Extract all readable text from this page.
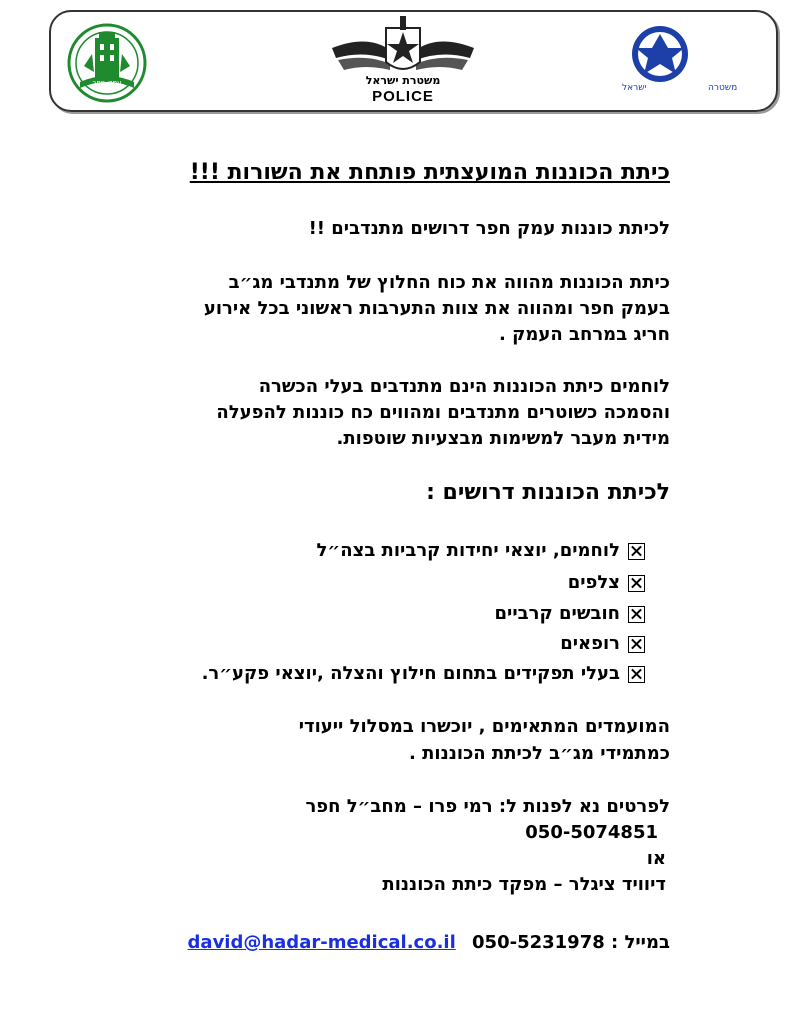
עמק חפר	משטרת ישראל
POLICE	ישראל	משטרה
כיתת הכוננות המועצתית פותחת את השורות !!!
לכיתת כוננות עמק חפר דרושים מתנדבים !!
כיתת הכוננות מהווה את כוח החלוץ של מתנדבי מג״ב
בעמק חפר ומהווה את צוות התערבות ראשוני בכל אירוע
חריג במרחב העמק .
לוחמים כיתת הכוננות הינם מתנדבים בעלי הכשרה
והסמכה כשוטרים מתנדבים ומהווים כח כוננות להפעלה
מידית מעבר למשימות מבצעיות שוטפות.
לכיתת הכוננות דרושים :
לוחמים, יוצאי יחידות קרביות בצה״ל
צלפים
חובשים קרביים
רופאים
בעלי תפקידים בתחום חילוץ והצלה ,יוצאי פקע״ר.
המועמדים המתאימים , יוכשרו במסלול ייעודי
כמתמידי מג״ב לכיתת הכוננות .
לפרטים נא לפנות ל: רמי פרו – מחב״ל חפר
050-5074851
או
דיוויד ציגלר – מפקד כיתת הכוננות
david@hadar-medical.co.il	במייל : 050-5231978
